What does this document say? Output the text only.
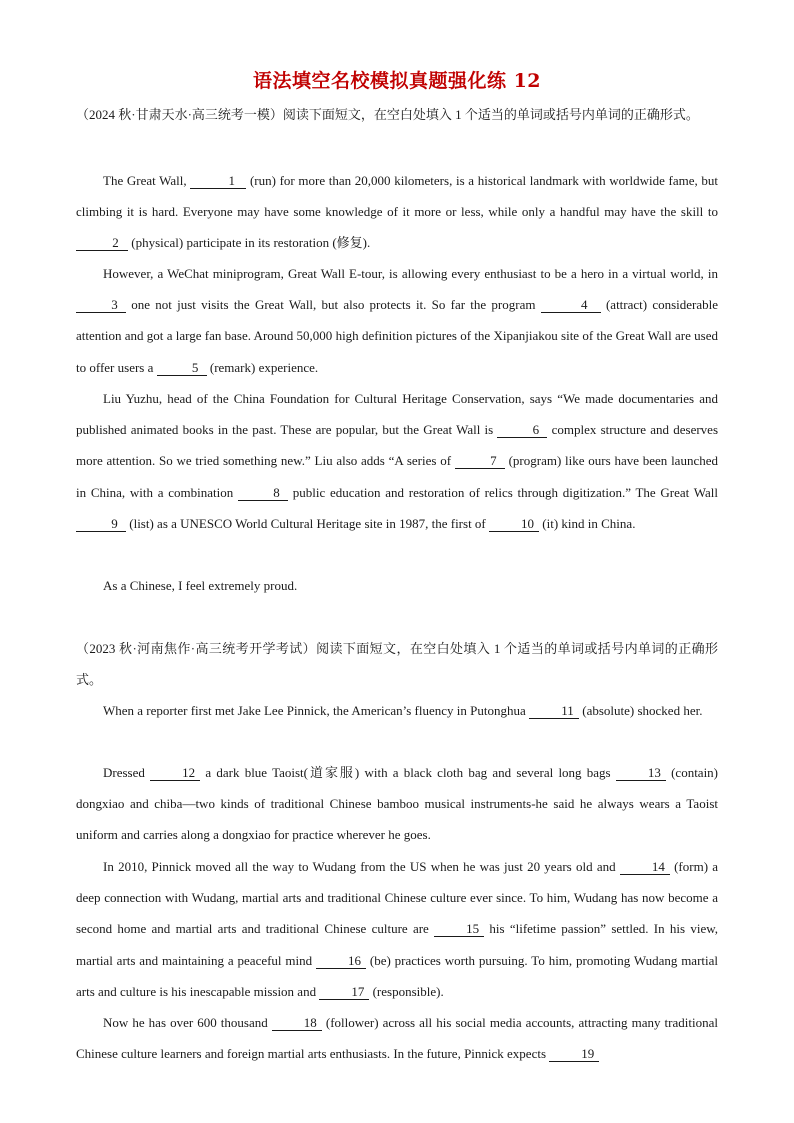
语法填空名校模拟真题强化练 12
（2024 秋·甘肃天水·高三统考一模）阅读下面短文，在空白处填入 1 个适当的单词或括号内单词的正确形式。
The Great Wall,	1 (run) for more than 20,000 kilometers, is a historical landmark with worldwide fame, but climbing it is hard. Everyone may have some knowledge of it more or less, while only a handful may have the skill to 2 (physical) participate in its restoration (修复).
However, a WeChat miniprogram, Great Wall E-tour, is allowing every enthusiast to be a hero in a virtual world, in 3 one not just visits the Great Wall, but also protects it. So far the program	4 (attract) considerable attention and got a large fan base. Around 50,000 high definition pictures of the Xipanjiakou site of the Great Wall are used to offer users a	5 (remark) experience.
Liu Yuzhu, head of the China Foundation for Cultural Heritage Conservation, says “We made documentaries and published animated books in the past. These are popular, but the Great Wall is	6 complex structure and deserves more attention. So we tried something new.” Liu also adds “A series of	7 (program) like ours have been launched in China, with a combination	8 public education and restoration of relics through digitization.” The Great Wall 9 (list) as a UNESCO World Cultural Heritage site in 1987, the first of	10 (it) kind in China.
As a Chinese, I feel extremely proud.
（2023 秋·河南焦作·高三统考开学考试）阅读下面短文，在空白处填入 1 个适当的单词或括号内单词的正确形式。
When a reporter first met Jake Lee Pinnick, the American’s fluency in Putonghua	11 (absolute) shocked her.
Dressed	12 a dark blue Taoist(道家服) with a black cloth bag and several long bags	13 (contain) dongxiao and chiba—two kinds of traditional Chinese bamboo musical instruments-he said he always wears a Taoist uniform and carries along a dongxiao for practice wherever he goes.
In 2010, Pinnick moved all the way to Wudang from the US when he was just 20 years old and	14 (form) a deep connection with Wudang, martial arts and traditional Chinese culture ever since. To him, Wudang has now become a second home and martial arts and traditional Chinese culture are	15 his “lifetime passion” settled. In his view, martial arts and maintaining a peaceful mind	16 (be) practices worth pursuing. To him, promoting Wudang martial arts and culture is his inescapable mission and	17 (responsible).
Now he has over 600 thousand	18 (follower) across all his social media accounts, attracting many traditional Chinese culture learners and foreign martial arts enthusiasts. In the future, Pinnick expects	19
